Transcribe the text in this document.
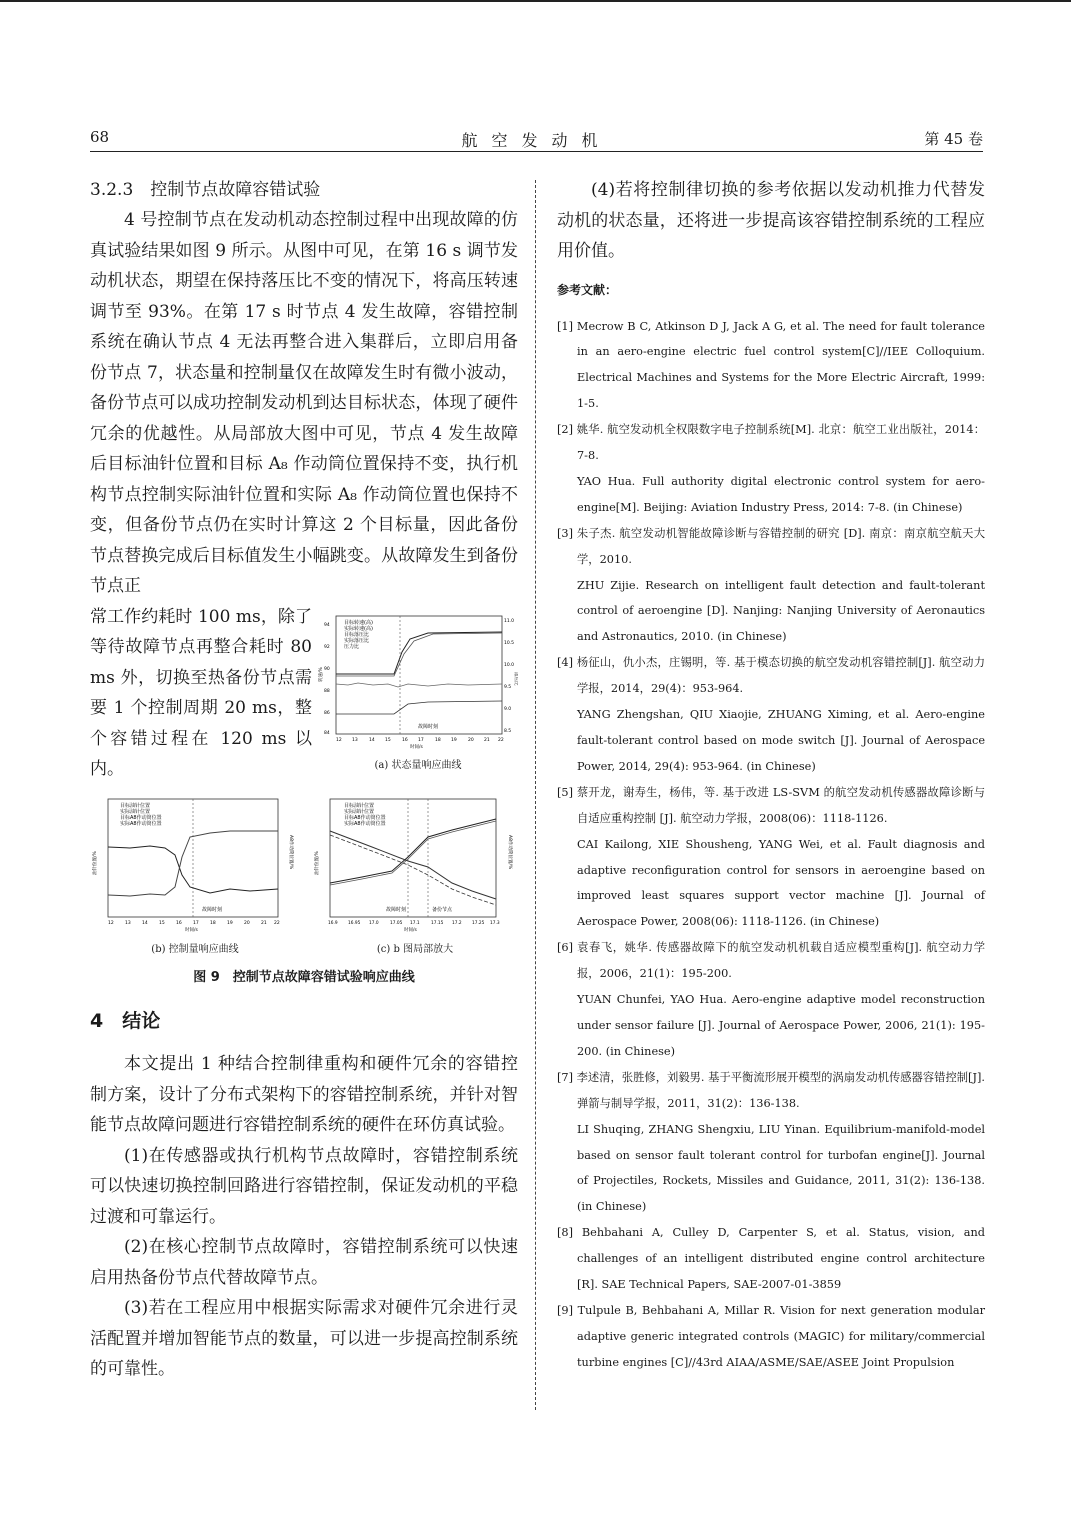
68	航空发动机	第 45 卷

3.2.3　控制节点故障容错试验

4 号控制节点在发动机动态控制过程中出现故障的仿真试验结果如图 9 所示。从图中可见，在第 16 s 调节发动机状态，期望在保持落压比不变的情况下，将高压转速调节至 93%。在第 17 s 时节点 4 发生故障，容错控制系统在确认节点 4 无法再整合进入集群后，立即启用备份节点 7，状态量和控制量仅在故障发生时有微小波动，备份节点可以成功控制发动机到达目标状态，体现了硬件冗余的优越性。从局部放大图中可见，节点 4 发生故障后目标油针位置和目标 A₈ 作动筒位置保持不变，执行机构节点控制实际油针位置和实际 A₈ 作动筒位置也保持不变，但备份节点仍在实时计算这 2 个目标量，因此备份节点替换完成后目标值发生小幅跳变。从故障发生到备份节点正

常工作约耗时 100 ms，除了等待故障节点再整合耗时 80 ms 外，切换至热备份节点需要 1 个控制周期 20 ms，整个容错过程在 120 ms 以内。

目标转速(高)
实际转速(高)
目标落压比
实际落压比
压力比
故障时刻
12 13	14 15	16 17	18 19	20 21 22
94
92
90
88
86
84
11.0
10.5
10.0
9.5
9.0
8.5
时间/s
转速/%	落压比
(a) 状态量响应曲线
目标油针位置
实际油针位置
目标A8作动筒位置
实际A8作动筒位置
故障时刻
12	13	14	15	16	17	18	19	20	21 22
时间/s
油针位置/%	A8作动筒位置/%
(b) 控制量响应曲线
目标油针位置
实际油针位置
目标A8作动筒位置
实际A8作动筒位置
故障时刻	备份节点
16.9 16.95 17.0	17.05 17.1	17.15 17.2 17.25 17.3
时间/s
油针位置/%	A8作动筒位置/%
(c) b 图局部放大
图 9　控制节点故障容错试验响应曲线

4　结论

本文提出 1 种结合控制律重构和硬件冗余的容错控制方案，设计了分布式架构下的容错控制系统，并针对智能节点故障问题进行容错控制系统的硬件在环仿真试验。

(1)在传感器或执行机构节点故障时，容错控制系统可以快速切换控制回路进行容错控制，保证发动机的平稳过渡和可靠运行。

(2)在核心控制节点故障时，容错控制系统可以快速启用热备份节点代替故障节点。

(3)若在工程应用中根据实际需求对硬件冗余进行灵活配置并增加智能节点的数量，可以进一步提高控制系统的可靠性。

(4)若将控制律切换的参考依据以发动机推力代替发动机的状态量，还将进一步提高该容错控制系统的工程应用价值。

参考文献：

[1] Mecrow B C, Atkinson D J, Jack A G, et al. The need for fault tolerance in an aero-engine electric fuel control system[C]//IEE Colloquium. Electrical Machines and Systems for the More Electric Aircraft, 1999: 1-5.

[2] 姚华. 航空发动机全权限数字电子控制系统[M]. 北京：航空工业出版社，2014：7-8.

YAO Hua. Full authority digital electronic control system for aero-engine[M]. Beijing: Aviation Industry Press, 2014: 7-8. (in Chinese)

[3] 朱子杰. 航空发动机智能故障诊断与容错控制的研究 [D]. 南京：南京航空航天大学，2010.

ZHU Zijie. Research on intelligent fault detection and fault-tolerant control of aeroengine [D]. Nanjing: Nanjing University of Aeronautics and Astronautics, 2010. (in Chinese)

[4] 杨征山，仇小杰，庄锡明，等. 基于模态切换的航空发动机容错控制[J]. 航空动力学报，2014，29(4)：953-964.

YANG Zhengshan, QIU Xiaojie, ZHUANG Ximing, et al. Aero-engine fault-tolerant control based on mode switch [J]. Journal of Aerospace Power, 2014, 29(4): 953-964. (in Chinese)

[5] 蔡开龙，谢寿生，杨伟，等. 基于改进 LS-SVM 的航空发动机传感器故障诊断与自适应重构控制 [J]. 航空动力学报，2008(06)：1118-1126.

CAI Kailong, XIE Shousheng, YANG Wei, et al. Fault diagnosis and adaptive reconfiguration control for sensors in aeroengine based on improved least squares support vector machine [J]. Journal of Aerospace Power, 2008(06): 1118-1126. (in Chinese)

[6] 袁春飞，姚华. 传感器故障下的航空发动机机载自适应模型重构[J]. 航空动力学报，2006，21(1)：195-200.

YUAN Chunfei, YAO Hua. Aero-engine adaptive model reconstruction under sensor failure [J]. Journal of Aerospace Power, 2006, 21(1): 195-200. (in Chinese)

[7] 李述清，张胜修，刘毅男. 基于平衡流形展开模型的涡扇发动机传感器容错控制[J]. 弹箭与制导学报，2011，31(2)：136-138.

LI Shuqing, ZHANG Shengxiu, LIU Yinan. Equilibrium-manifold-model based on sensor fault tolerant control for turbofan engine[J]. Journal of Projectiles, Rockets, Missiles and Guidance, 2011, 31(2): 136-138. (in Chinese)

[8] Behbahani A, Culley D, Carpenter S, et al. Status, vision, and challenges of an intelligent distributed engine control architecture [R]. SAE Technical Papers, SAE-2007-01-3859

[9] Tulpule B, Behbahani A, Millar R. Vision for next generation modular adaptive generic integrated controls (MAGIC) for military/commercial turbine engines [C]//43rd AIAA/ASME/SAE/ASEE Joint Propulsion
